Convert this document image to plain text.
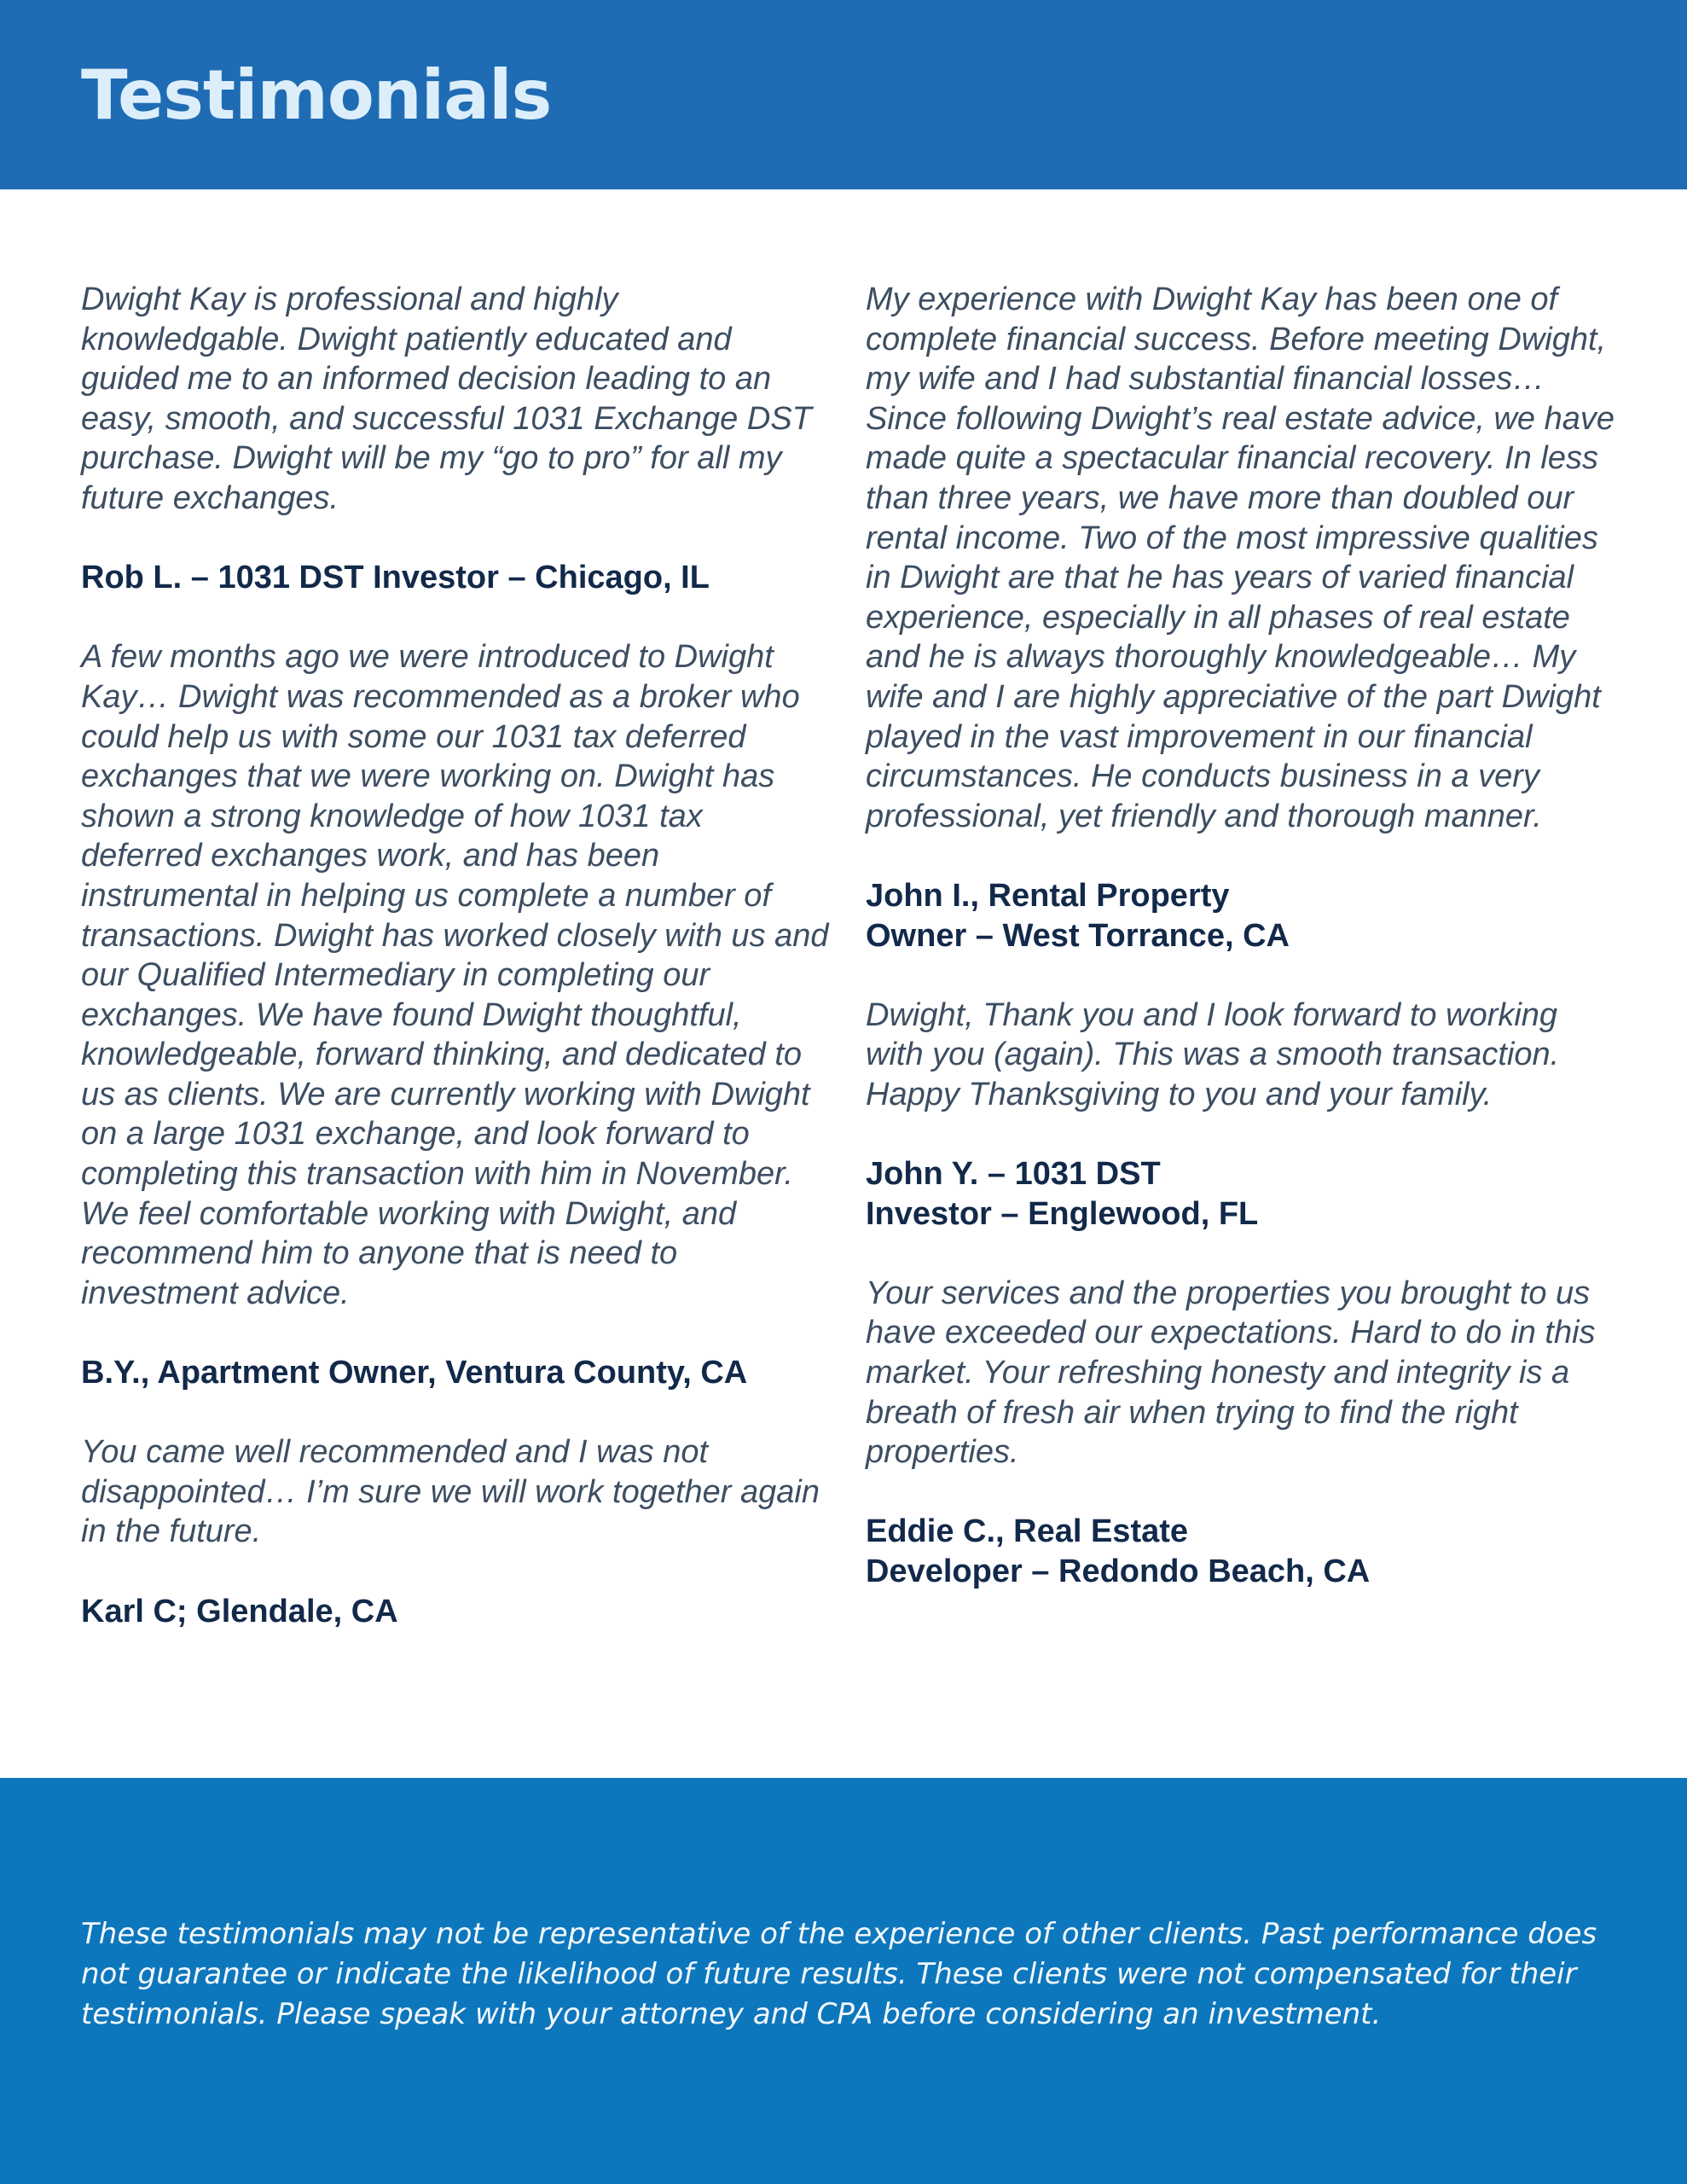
Testimonials

Dwight Kay is professional and highly knowledgable. Dwight patiently educated and guided me to an informed decision leading to an easy, smooth, and successful 1031 Exchange DST purchase. Dwight will be my “go to pro” for all my future exchanges.

Rob L. – 1031 DST Investor – Chicago, IL

A few months ago we were introduced to Dwight Kay… Dwight was recommended as a broker who could help us with some our 1031 tax deferred exchanges that we were working on. Dwight has shown a strong knowledge of how 1031 tax deferred exchanges work, and has been instrumental in helping us complete a number of transactions. Dwight has worked closely with us and our Qualified Intermediary in completing our exchanges. We have found Dwight thoughtful, knowledgeable, forward thinking, and dedicated to us as clients. We are currently working with Dwight on a large 1031 exchange, and look forward to completing this transaction with him in November. We feel comfortable working with Dwight, and recommend him to anyone that is need to investment advice.

B.Y., Apartment Owner, Ventura County, CA

You came well recommended and I was not disappointed… I’m sure we will work together again in the future.

Karl C; Glendale, CA

My experience with Dwight Kay has been one of complete financial success. Before meeting Dwight, my wife and I had substantial financial losses… Since following Dwight’s real estate advice, we have made quite a spectacular financial recovery. In less than three years, we have more than doubled our rental income. Two of the most impressive qualities in Dwight are that he has years of varied financial experience, especially in all phases of real estate and he is always thoroughly knowledgeable… My wife and I are highly appreciative of the part Dwight played in the vast improvement in our financial circumstances. He conducts business in a very professional, yet friendly and thorough manner.

John I., Rental Property
Owner – West Torrance, CA

Dwight, Thank you and I look forward to working with you (again). This was a smooth transaction. Happy Thanksgiving to you and your family.

John Y. – 1031 DST
Investor – Englewood, FL

Your services and the properties you brought to us have exceeded our expectations. Hard to do in this market. Your refreshing honesty and integrity is a breath of fresh air when trying to find the right properties.

Eddie C., Real Estate
Developer – Redondo Beach, CA

These testimonials may not be representative of the experience of other clients. Past performance does not guarantee or indicate the likelihood of future results. These clients were not compensated for their testimonials. Please speak with your attorney and CPA before considering an investment.
